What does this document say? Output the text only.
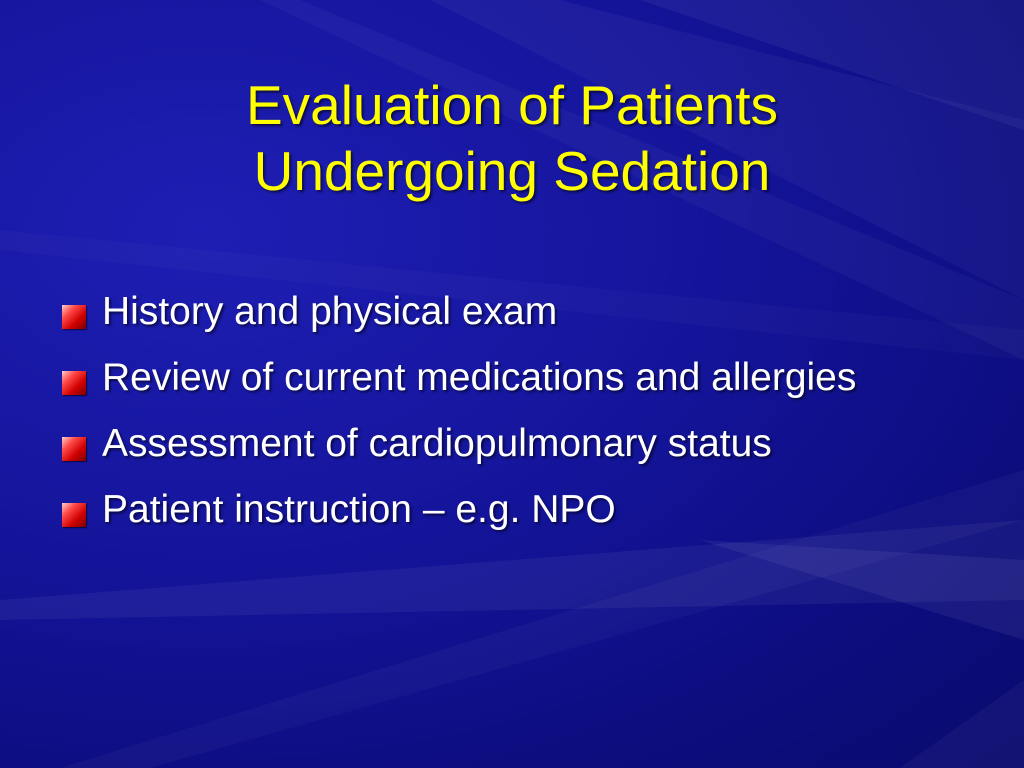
Evaluation of Patients
Undergoing Sedation
History and physical exam
Review of current medications and allergies
Assessment of cardiopulmonary status
Patient instruction – e.g. NPO
